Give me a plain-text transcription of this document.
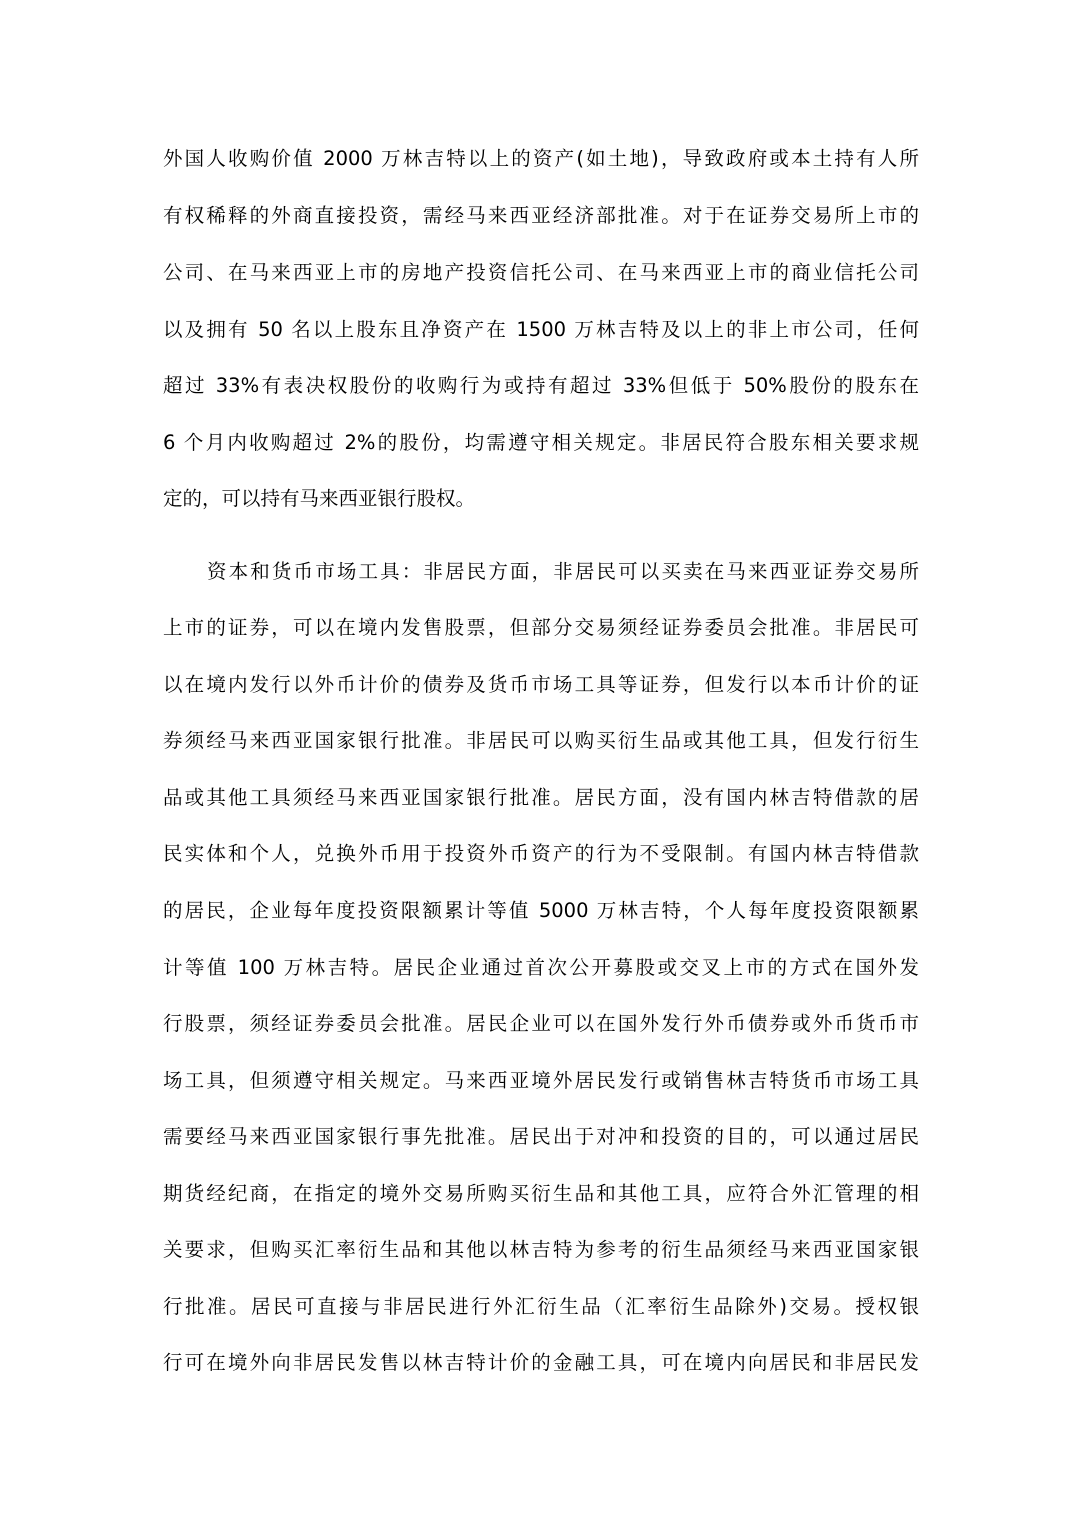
外国人收购价值 2000 万林吉特以上的资产(如土地)，导致政府或本土持有人所
有权稀释的外商直接投资，需经马来西亚经济部批准。对于在证券交易所上市的
公司、在马来西亚上市的房地产投资信托公司、在马来西亚上市的商业信托公司
以及拥有 50 名以上股东且净资产在 1500 万林吉特及以上的非上市公司，任何
超过 33%有表决权股份的收购行为或持有超过 33%但低于 50%股份的股东在
6 个月内收购超过 2%的股份，均需遵守相关规定。非居民符合股东相关要求规
定的，可以持有马来西亚银行股权。
资本和货币市场工具：非居民方面，非居民可以买卖在马来西亚证券交易所
上市的证券，可以在境内发售股票，但部分交易须经证券委员会批准。非居民可
以在境内发行以外币计价的债券及货币市场工具等证券，但发行以本币计价的证
券须经马来西亚国家银行批准。非居民可以购买衍生品或其他工具，但发行衍生
品或其他工具须经马来西亚国家银行批准。居民方面，没有国内林吉特借款的居
民实体和个人，兑换外币用于投资外币资产的行为不受限制。有国内林吉特借款
的居民，企业每年度投资限额累计等值 5000 万林吉特，个人每年度投资限额累
计等值 100 万林吉特。居民企业通过首次公开募股或交叉上市的方式在国外发
行股票，须经证券委员会批准。居民企业可以在国外发行外币债券或外币货币市
场工具，但须遵守相关规定。马来西亚境外居民发行或销售林吉特货币市场工具
需要经马来西亚国家银行事先批准。居民出于对冲和投资的目的，可以通过居民
期货经纪商，在指定的境外交易所购买衍生品和其他工具，应符合外汇管理的相
关要求，但购买汇率衍生品和其他以林吉特为参考的衍生品须经马来西亚国家银
行批准。居民可直接与非居民进行外汇衍生品（汇率衍生品除外)交易。授权银
行可在境外向非居民发售以林吉特计价的金融工具，可在境内向居民和非居民发
